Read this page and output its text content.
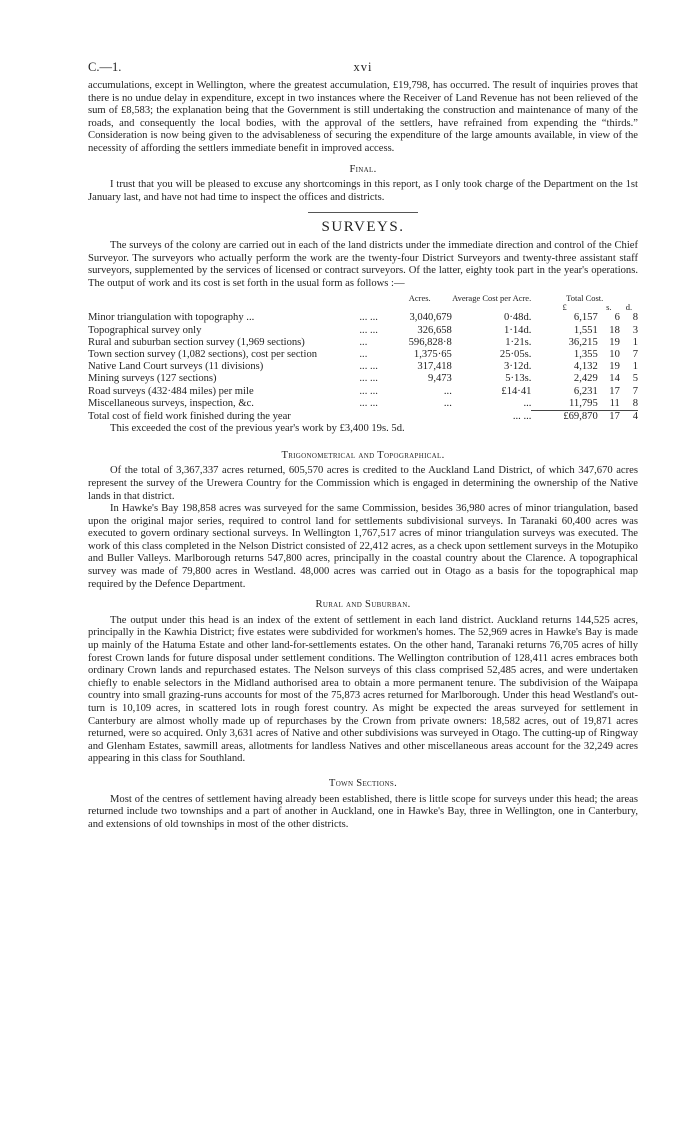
C.—1.	xvi

accumulations, except in Wellington, where the greatest accumulation, £19,798, has occurred. The result of inquiries proves that there is no undue delay in expenditure, except in two instances where the Receiver of Land Revenue has not been relieved of the sum of £8,583; the explanation being that the Government is still undertaking the construction and maintenance of many of the roads, and consequently the local bodies, with the approval of the settlers, have refrained from expending the “thirds.” Consideration is now being given to the advisableness of securing the expenditure of the large amounts available, in view of the necessity of affording the settlers immediate benefit in improved access.

Final.

I trust that you will be pleased to excuse any shortcomings in this report, as I only took charge of the Department on the 1st January last, and have not had time to inspect the offices and districts.

SURVEYS.

The surveys of the colony are carried out in each of the land districts under the immediate direction and control of the Chief Surveyor. The surveyors who actually perform the work are the twenty-four District Surveyors and twenty-three assistant staff surveyors, supplemented by the services of licensed or contract surveyors. Of the latter, eighty took part in the year's operations. The output of work and its cost is set forth in the usual form as follows :—

		Acres.	Average Cost per Acre.	Total Cost.		
				£	s.	d.
Minor triangulation with topography ...	... ...	3,040,679	0·48d.	6,157	6	8
Topographical survey only	... ...	326,658	1·14d.	1,551	18	3
Rural and suburban section survey (1,969 sections)	...	596,828·8	1·21s.	36,215	19	1
Town section survey (1,082 sections), cost per section	...	1,375·65	25·05s.	1,355	10	7
Native Land Court surveys (11 divisions)	... ...	317,418	3·12d.	4,132	19	1
Mining surveys (127 sections)	... ...	9,473	5·13s.	2,429	14	5
Road surveys (432·484 miles) per mile	... ...	...	£14·41	6,231	17	7
Miscellaneous surveys, inspection, &c.	... ...	...	...	11,795	11	8
Total cost of field work finished during the year			... ...	£69,870	17	4

This exceeded the cost of the previous year's work by £3,400 19s. 5d.

Trigonometrical and Topographical.

Of the total of 3,367,337 acres returned, 605,570 acres is credited to the Auckland Land District, of which 347,670 acres represent the survey of the Urewera Country for the Commission which is engaged in determining the ownership of the Native lands in that district.

In Hawke's Bay 198,858 acres was surveyed for the same Commission, besides 36,980 acres of minor triangulation, based upon the original major series, required to control land for settlements subdivisional surveys. In Taranaki 60,400 acres was executed to govern ordinary sectional surveys. In Wellington 1,767,517 acres of minor triangulation surveys was executed. The work of this class completed in the Nelson District consisted of 22,412 acres, as a check upon settlement surveys in the Motupiko and Buller Valleys. Marlborough returns 547,800 acres, principally in the coastal country about the Clarence. A topographical survey was made of 79,800 acres in Westland. 48,000 acres was carried out in Otago as a basis for the topographical map required by the Defence Department.

Rural and Suburban.

The output under this head is an index of the extent of settlement in each land district. Auckland returns 144,525 acres, principally in the Kawhia District; five estates were subdivided for workmen's homes. The 52,969 acres in Hawke's Bay is made up mainly of the Hatuma Estate and other land-for-settlements estates. On the other hand, Taranaki returns 76,705 acres of hilly forest Crown lands for future disposal under settlement conditions. The Wellington contribution of 128,411 acres embraces both ordinary Crown lands and repurchased estates. The Nelson surveys of this class comprised 52,485 acres, and were undertaken chiefly to enable selectors in the Midland authorised area to obtain a more permanent tenure. The subdivision of the Waipapa country into small grazing-runs accounts for most of the 75,873 acres returned for Marlborough. Under this head Westland's out-turn is 10,109 acres, in scattered lots in rough forest country. As might be expected the areas surveyed for settlement in Canterbury are almost wholly made up of repurchases by the Crown from private owners: 18,582 acres, out of 19,871 acres returned, were so acquired. Only 3,631 acres of Native and other subdivisions was surveyed in Otago. The cutting-up of Ringway and Glenham Estates, sawmill areas, allotments for landless Natives and other miscellaneous areas account for the 32,249 acres appearing in this class for Southland.

Town Sections.

Most of the centres of settlement having already been established, there is little scope for surveys under this head; the areas returned include two townships and a part of another in Auckland, one in Hawke's Bay, three in Wellington, one in Canterbury, and extensions of old townships in most of the other districts.
